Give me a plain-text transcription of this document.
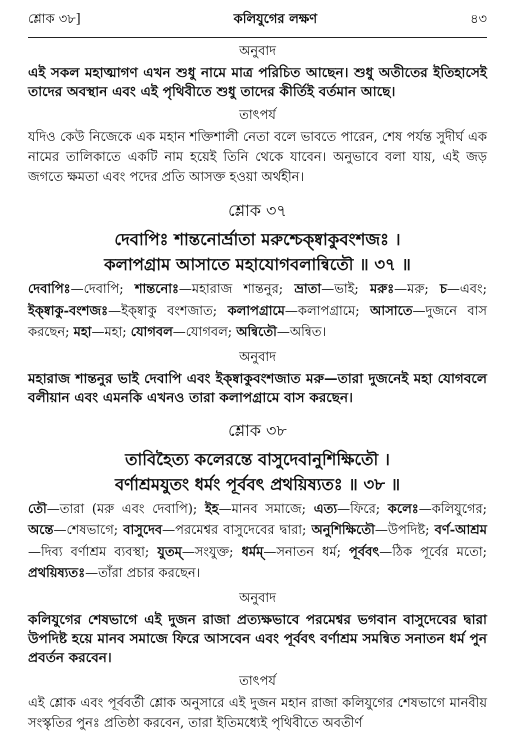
শ্লোক ৩৮]	কলিযুগের লক্ষণ	৪৩
অনুবাদ

এই সকল মহাত্মাগণ এখন শুধু নামে মাত্র পরিচিত আছেন। শুধু অতীতের ইতিহাসেই তাদের অবস্থান এবং এই পৃথিবীতে শুধু তাদের কীর্তিই বর্তমান আছে।

তাৎপর্য

যদিও কেউ নিজেকে এক মহান শক্তিশালী নেতা বলে ভাবতে পারেন, শেষ পর্যন্ত সুদীর্ঘ এক নামের তালিকাতে একটি নাম হয়েই তিনি থেকে যাবেন। অনুভাবে বলা যায়, এই জড় জগতে ক্ষমতা এবং পদের প্রতি আসক্ত হওয়া অর্থহীন।

শ্লোক ৩৭

দেবাপিঃ শান্তনোর্ভ্রাতা মরুশ্চেক্ষ্বাকুবংশজঃ ।

কলাপগ্রাম আসাতে মহাযোগবলান্বিতৌ ॥ ৩৭ ॥

দেবাপিঃ—দেবাপি; শান্তনোঃ—মহারাজ শান্তনুর; ভ্রাতা—ভাই; মরুঃ—মরু; চ—এবং; ইক্ষ্বাকু-বংশজঃ—ইক্ষ্বাকু বংশজাত; কলাপগ্রামে—কলাপগ্রামে; আসাতে—দুজনে বাস করছেন; মহা—মহা; যোগবল—যোগবল; অন্বিতৌ—অন্বিত।

অনুবাদ

মহারাজ শান্তনুর ভাই দেবাপি এবং ইক্ষ্বাকুবংশজাত মরু—তারা দুজনেই মহা যোগবলে বলীয়ান এবং এমনকি এখনও তারা কলাপগ্রামে বাস করছেন।

শ্লোক ৩৮

তাবিহৈত্য কলেরন্তে বাসুদেবানুশিক্ষিতৌ ।

বর্ণাশ্রমযুতং ধর্মং পূর্ববৎ প্রথয়িষ্যতঃ ॥ ৩৮ ॥

তৌ—তারা (মরু এবং দেবাপি); ইহ—মানব সমাজে; এত্য—ফিরে; কলেঃ—কলিযুগের; অন্তে—শেষভাগে; বাসুদেব—পরমেশ্বর বাসুদেবের দ্বারা; অনুশিক্ষিতৌ—উপদিষ্ট; বর্ণ-আশ্রম—দিব্য বর্ণাশ্রম ব্যবস্থা; যুতম্—সংযুক্ত; ধর্মম্—সনাতন ধর্ম; পূর্ববৎ—ঠিক পূর্বের মতো; প্রথয়িষ্যতঃ—তাঁরা প্রচার করছেন।

অনুবাদ

কলিযুগের শেষভাগে এই দুজন রাজা প্রত্যক্ষভাবে পরমেশ্বর ভগবান বাসুদেবের দ্বারা উপদিষ্ট হয়ে মানব সমাজে ফিরে আসবেন এবং পূর্ববৎ বর্ণাশ্রম সমন্বিত সনাতন ধর্ম পুন প্রবর্তন করবেন।

তাৎপর্য

এই শ্লোক এবং পূর্ববর্তী শ্লোক অনুসারে এই দুজন মহান রাজা কলিযুগের শেষভাগে মানবীয় সংস্কৃতির পুনঃ প্রতিষ্ঠা করবেন, তারা ইতিমধ্যেই পৃথিবীতে অবতীর্ণ
